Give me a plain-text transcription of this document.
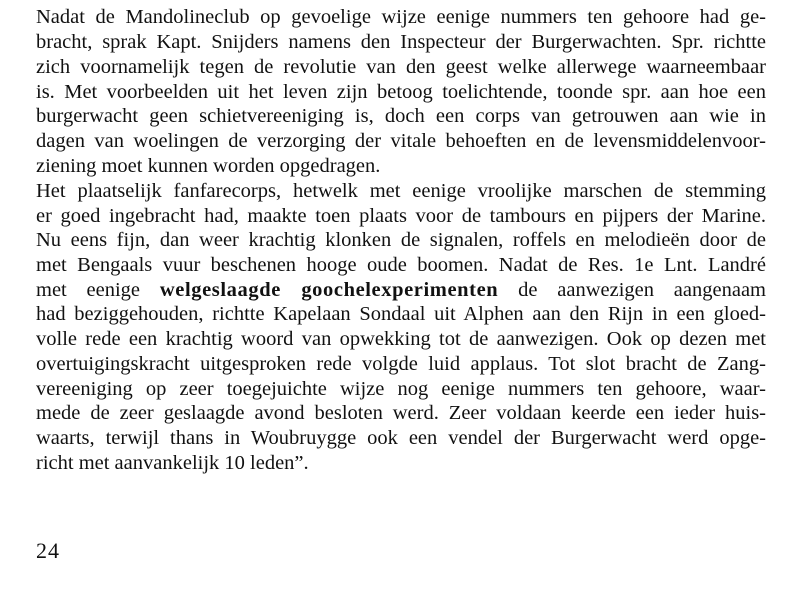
Nadat de Mandolineclub op gevoelige wijze eenige nummers ten gehoore had ge-
bracht, sprak Kapt. Snijders namens den Inspecteur der Burgerwachten. Spr. richtte
zich voornamelijk tegen de revolutie van den geest welke allerwege waarneembaar
is. Met voorbeelden uit het leven zijn betoog toelichtende, toonde spr. aan hoe een
burgerwacht geen schietvereeniging is, doch een corps van getrouwen aan wie in
dagen van woelingen de verzorging der vitale behoeften en de levensmiddelenvoor-
ziening moet kunnen worden opgedragen.
Het plaatselijk fanfarecorps, hetwelk met eenige vroolijke marschen de stemming
er goed ingebracht had, maakte toen plaats voor de tambours en pijpers der Marine.
Nu eens fijn, dan weer krachtig klonken de signalen, roffels en melodieën door de
met Bengaals vuur beschenen hooge oude boomen. Nadat de Res. 1e Lnt. Landré
met eenige welgeslaagde goochelexperimenten de aanwezigen aangenaam
had beziggehouden, richtte Kapelaan Sondaal uit Alphen aan den Rijn in een gloed-
volle rede een krachtig woord van opwekking tot de aanwezigen. Ook op dezen met
overtuigingskracht uitgesproken rede volgde luid applaus. Tot slot bracht de Zang-
vereeniging op zeer toegejuichte wijze nog eenige nummers ten gehoore, waar-
mede de zeer geslaagde avond besloten werd. Zeer voldaan keerde een ieder huis-
waarts, terwijl thans in Woubruygge ook een vendel der Burgerwacht werd opge-
richt met aanvankelijk 10 leden”.
24
